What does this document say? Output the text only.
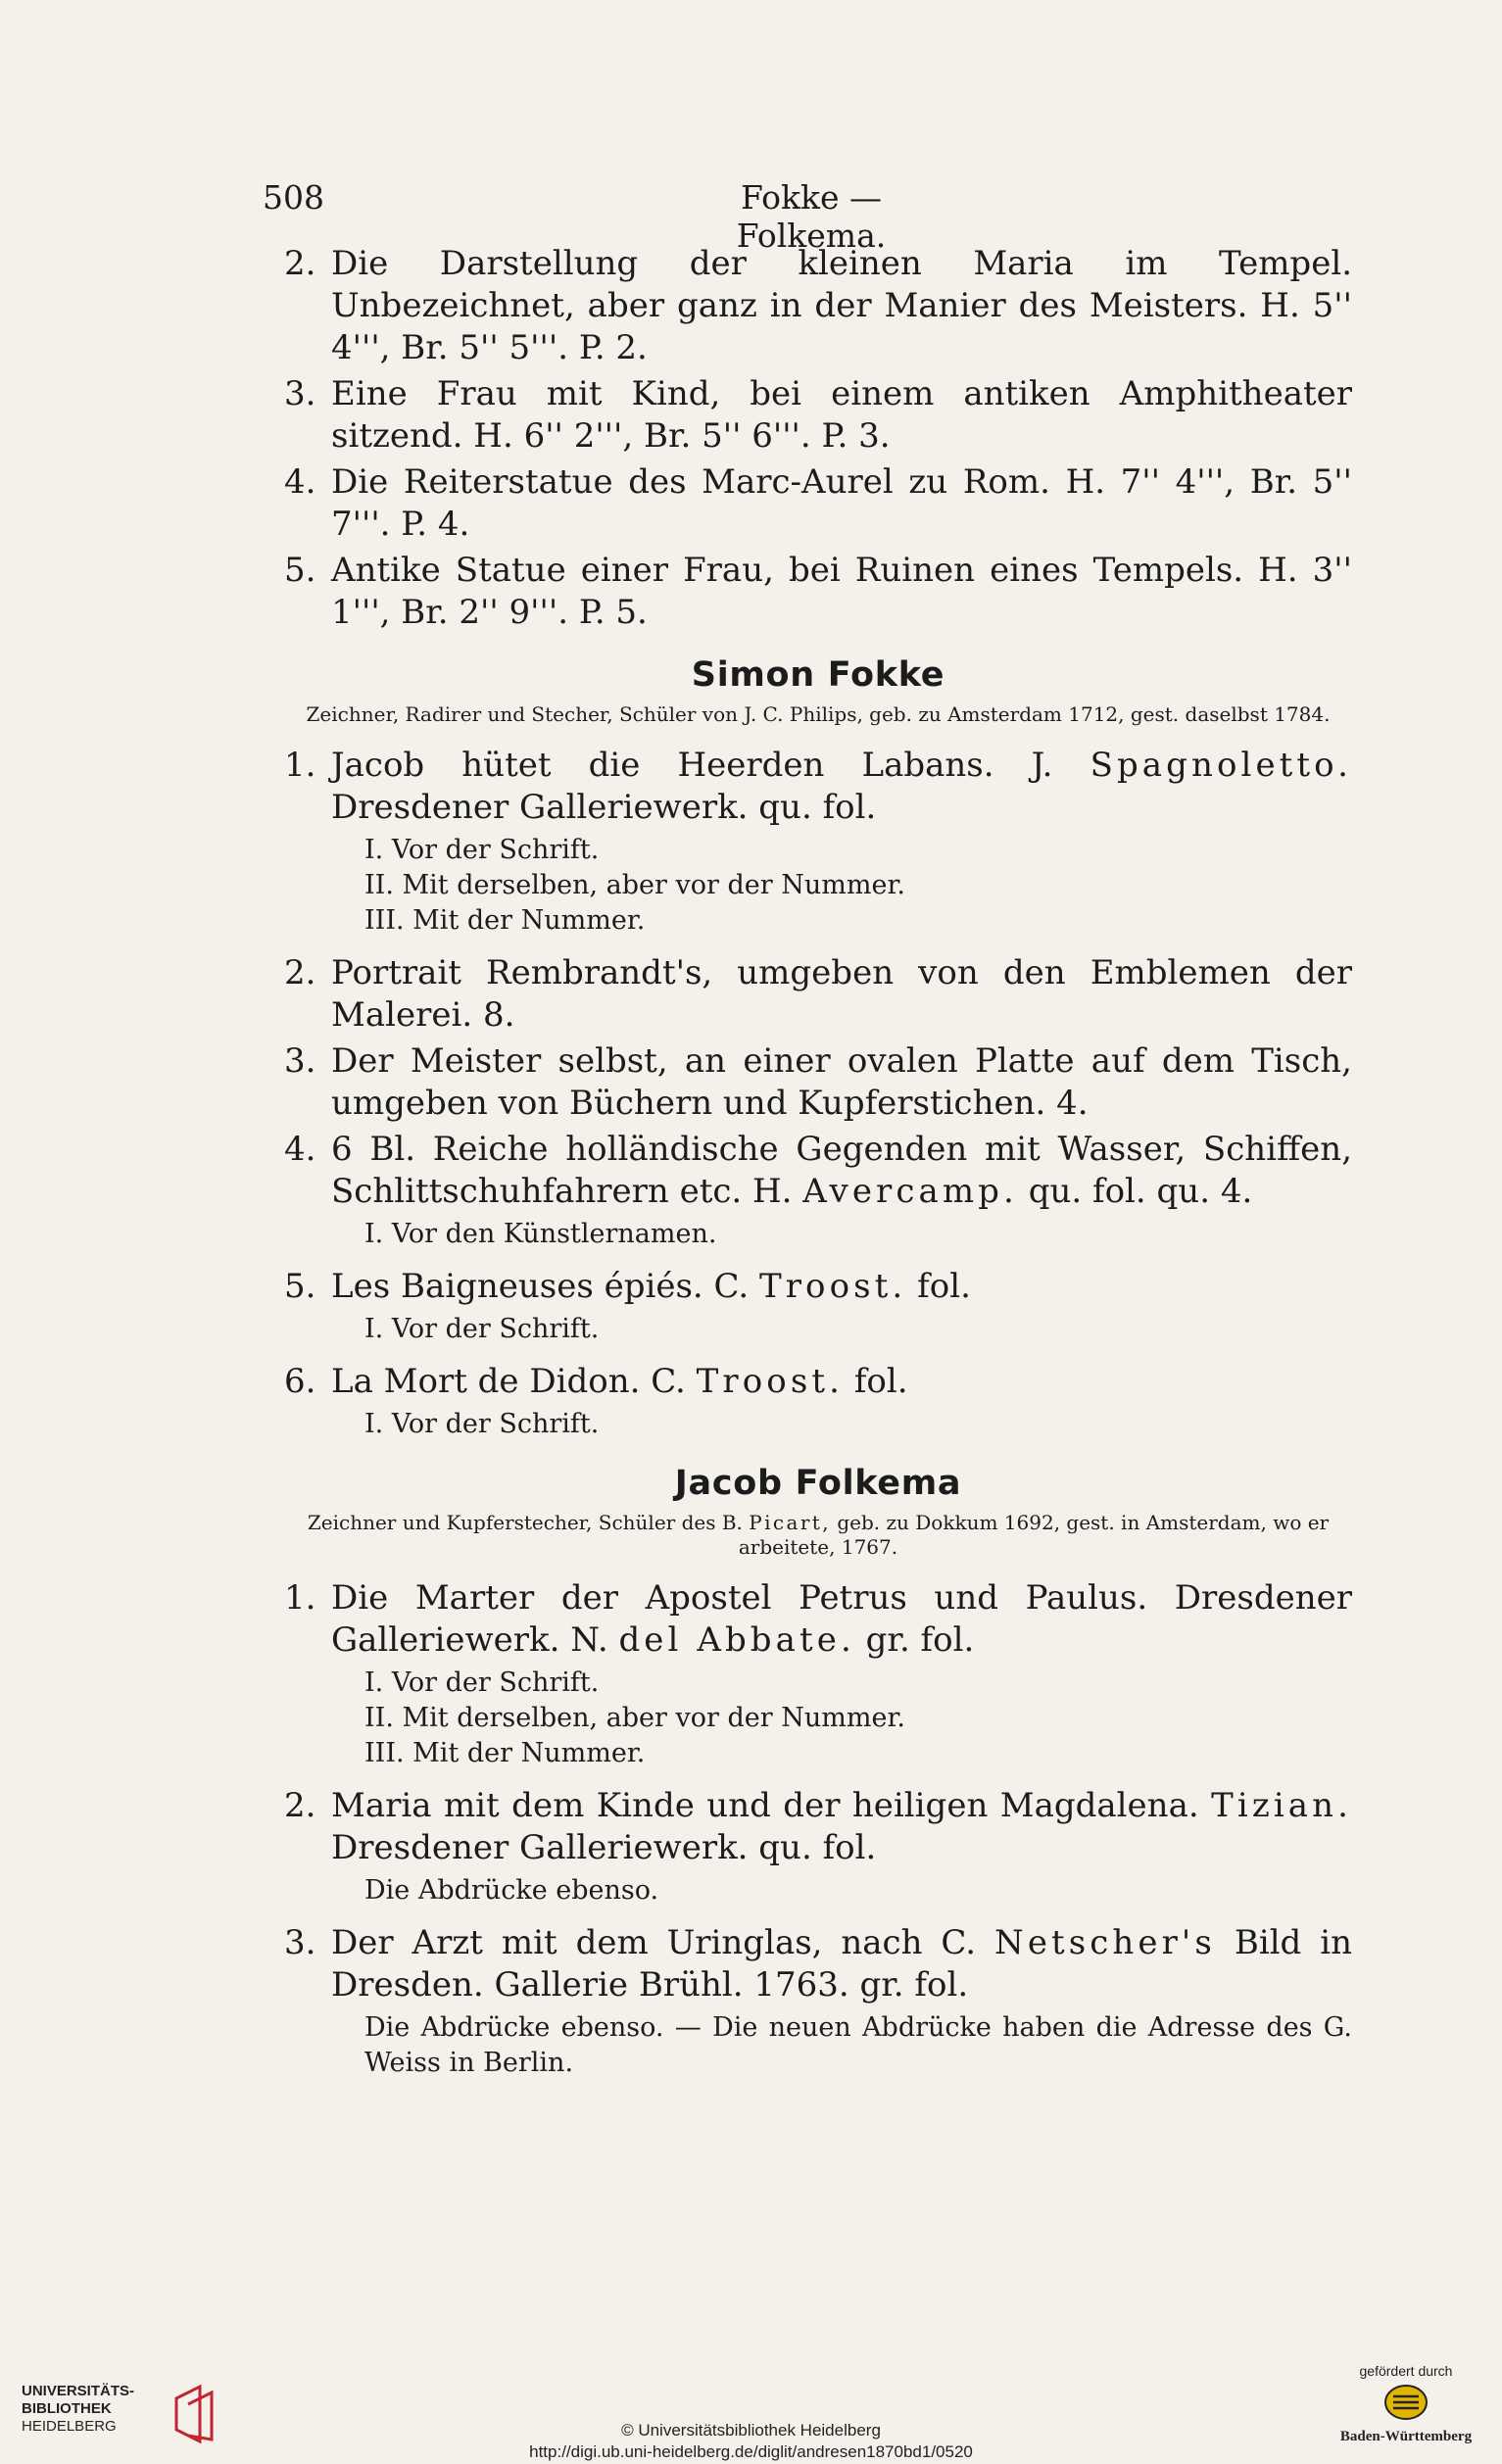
508	Fokke — Folkema.
2. Die Darstellung der kleinen Maria im Tempel. Unbezeichnet, aber ganz in der Manier des Meisters. H. 5'' 4''', Br. 5'' 5'''. P. 2.
3. Eine Frau mit Kind, bei einem antiken Amphitheater sitzend. H. 6'' 2''', Br. 5'' 6'''. P. 3.
4. Die Reiterstatue des Marc-Aurel zu Rom. H. 7'' 4''', Br. 5'' 7'''. P. 4.
5. Antike Statue einer Frau, bei Ruinen eines Tempels. H. 3'' 1''', Br. 2'' 9'''. P. 5.
Simon Fokke
Zeichner, Radirer und Stecher, Schüler von J. C. Philips, geb. zu Amsterdam 1712, gest. daselbst 1784.
1. Jacob hütet die Heerden Labans. J. Spagnoletto. Dresdener Galleriewerk. qu. fol.
I. Vor der Schrift.
II. Mit derselben, aber vor der Nummer.
III. Mit der Nummer.
2. Portrait Rembrandt's, umgeben von den Emblemen der Malerei. 8.
3. Der Meister selbst, an einer ovalen Platte auf dem Tisch, umgeben von Büchern und Kupferstichen. 4.
4. 6 Bl. Reiche holländische Gegenden mit Wasser, Schiffen, Schlittschuhfahrern etc. H. Avercamp. qu. fol. qu. 4.
I. Vor den Künstlernamen.
5. Les Baigneuses épiés. C. Troost. fol.
I. Vor der Schrift.
6. La Mort de Didon. C. Troost. fol.
I. Vor der Schrift.
Jacob Folkema
Zeichner und Kupferstecher, Schüler des B. Picart, geb. zu Dokkum 1692, gest. in Amsterdam, wo er arbeitete, 1767.
1. Die Marter der Apostel Petrus und Paulus. Dresdener Galleriewerk. N. del Abbate. gr. fol.
I. Vor der Schrift.
II. Mit derselben, aber vor der Nummer.
III. Mit der Nummer.
2. Maria mit dem Kinde und der heiligen Magdalena. Tizian. Dresdener Galleriewerk. qu. fol.
Die Abdrücke ebenso.
3. Der Arzt mit dem Uringlas, nach C. Netscher's Bild in Dresden. Gallerie Brühl. 1763. gr. fol.
Die Abdrücke ebenso. — Die neuen Abdrücke haben die Adresse des G. Weiss in Berlin.
UNIVERSITÄTS-
BIBLIOTHEK
HEIDELBERG	© Universitätsbibliothek Heidelberg
http://digi.ub.uni-heidelberg.de/diglit/andresen1870bd1/0520
gefördert durch
Baden-Württemberg
